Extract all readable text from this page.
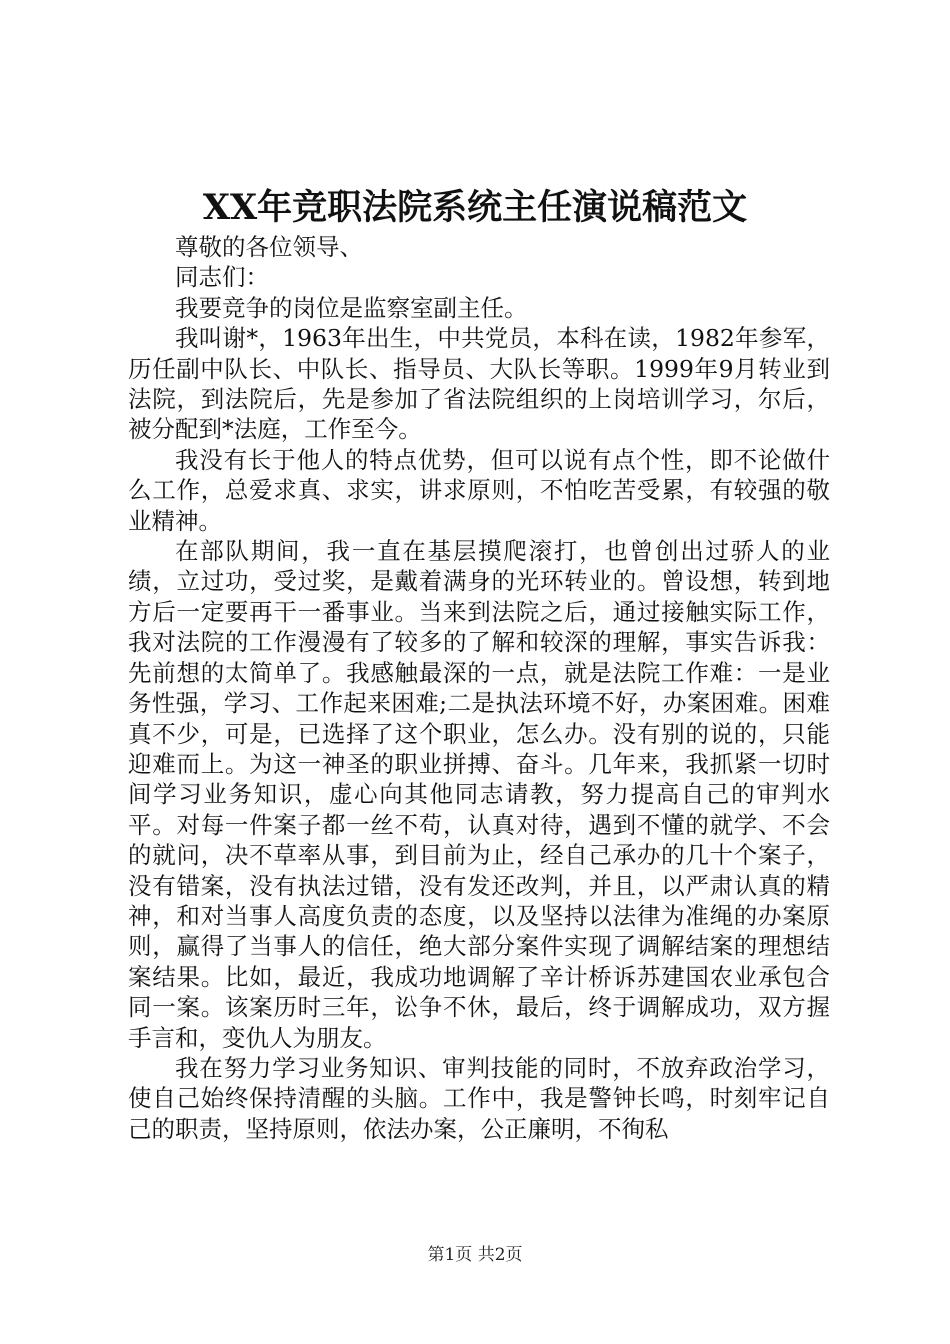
XX年竞职法院系统主任演说稿范文

尊敬的各位领导、

同志们：

我要竞争的岗位是监察室副主任。

我叫谢*，1963年出生，中共党员，本科在读，1982年参军，历任副中队长、中队长、指导员、大队长等职。1999年9月转业到法院，到法院后，先是参加了省法院组织的上岗培训学习，尔后，被分配到*法庭，工作至今。

我没有长于他人的特点优势，但可以说有点个性，即不论做什么工作，总爱求真、求实，讲求原则，不怕吃苦受累，有较强的敬业精神。

在部队期间，我一直在基层摸爬滚打，也曾创出过骄人的业绩，立过功，受过奖，是戴着满身的光环转业的。曾设想，转到地方后一定要再干一番事业。当来到法院之后，通过接触实际工作，我对法院的工作漫漫有了较多的了解和较深的理解，事实告诉我：先前想的太简单了。我感触最深的一点，就是法院工作难：一是业务性强，学习、工作起来困难;二是执法环境不好，办案困难。困难真不少，可是，已选择了这个职业，怎么办。没有别的说的，只能迎难而上。为这一神圣的职业拼搏、奋斗。几年来，我抓紧一切时间学习业务知识，虚心向其他同志请教，努力提高自己的审判水平。对每一件案子都一丝不苟，认真对待，遇到不懂的就学、不会的就问，决不草率从事，到目前为止，经自己承办的几十个案子，没有错案，没有执法过错，没有发还改判，并且，以严肃认真的精神，和对当事人高度负责的态度，以及坚持以法律为准绳的办案原则，赢得了当事人的信任，绝大部分案件实现了调解结案的理想结案结果。比如，最近，我成功地调解了辛计桥诉苏建国农业承包合同一案。该案历时三年，讼争不休，最后，终于调解成功，双方握手言和，变仇人为朋友。

我在努力学习业务知识、审判技能的同时，不放弃政治学习，使自己始终保持清醒的头脑。工作中，我是警钟长鸣，时刻牢记自己的职责，坚持原则，依法办案，公正廉明，不徇私

第1页 共2页
